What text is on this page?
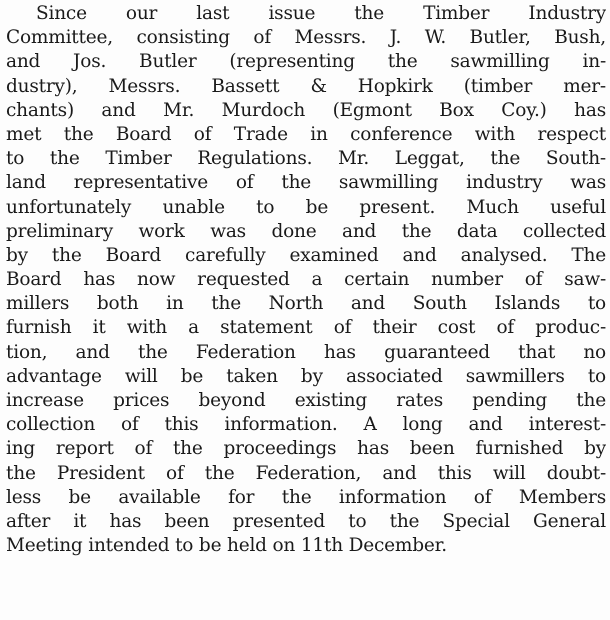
Since our last issue the Timber Industry
Committee, consisting of Messrs. J. W. Butler, Bush,
and Jos. Butler (representing the sawmilling in-
dustry), Messrs. Bassett & Hopkirk (timber mer-
chants) and Mr. Murdoch (Egmont Box Coy.) has
met the Board of Trade in conference with respect
to the Timber Regulations. Mr. Leggat, the South-
land representative of the sawmilling industry was
unfortunately unable to be present. Much useful
preliminary work was done and the data collected
by the Board carefully examined and analysed. The
Board has now requested a certain number of saw-
millers both in the North and South Islands to
furnish it with a statement of their cost of produc-
tion, and the Federation has guaranteed that no
advantage will be taken by associated sawmillers to
increase prices beyond existing rates pending the
collection of this information. A long and interest-
ing report of the proceedings has been furnished by
the President of the Federation, and this will doubt-
less be available for the information of Members
after it has been presented to the Special General
Meeting intended to be held on 11th December.
